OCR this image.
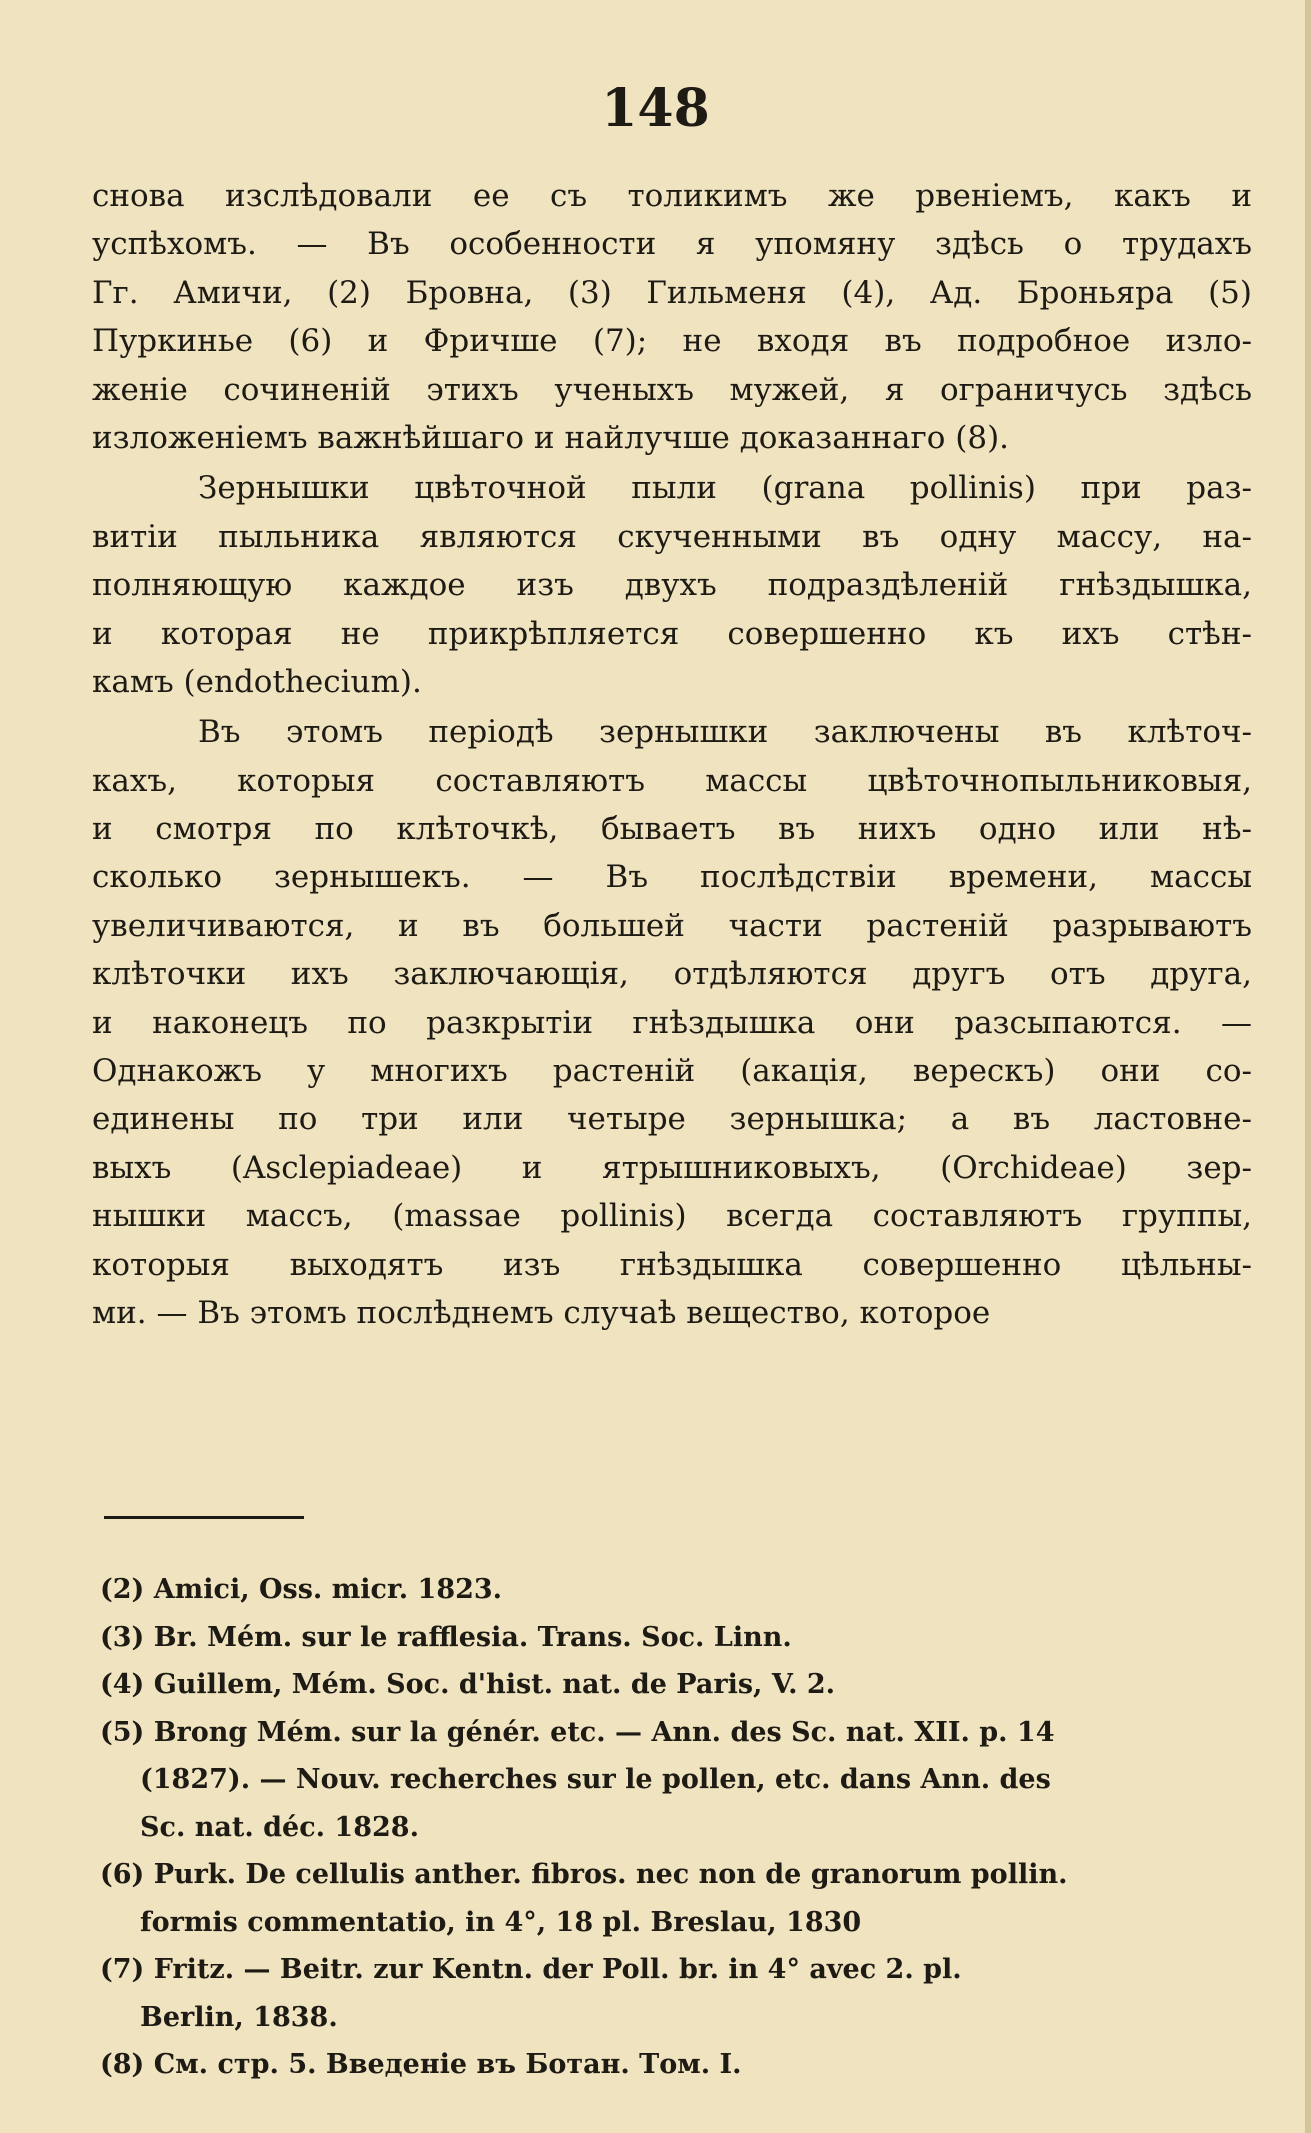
148
снова изслѣдовали ее съ толикимъ же рвеніемъ, какъ и
успѣхомъ. — Въ особенности я упомяну здѣсь о трудахъ
Гг. Амичи, (2) Бровна, (3) Гильменя (4), Ад. Броньяра (5)
Пуркинье (6) и Фричше (7); не входя въ подробное изло-
женіе сочиненій этихъ ученыхъ мужей, я ограничусь здѣсь
изложеніемъ важнѣйшаго и найлучше доказаннаго (8).
Зернышки цвѣточной пыли (grana pollinis) при раз-
витіи пыльника являются скученными въ одну массу, на-
полняющую каждое изъ двухъ подраздѣленій гнѣздышка,
и которая не прикрѣпляется совершенно къ ихъ стѣн-
камъ (endothecium).
Въ этомъ періодѣ зернышки заключены въ клѣточ-
кахъ, которыя составляютъ массы цвѣточнопыльниковыя,
и смотря по клѣточкѣ, бываетъ въ нихъ одно или нѣ-
сколько зернышекъ. — Въ послѣдствіи времени, массы
увеличиваются, и въ большей части растеній разрываютъ
клѣточки ихъ заключающія, отдѣляются другъ отъ друга,
и наконецъ по разкрытіи гнѣздышка они разсыпаются. —
Однакожъ у многихъ растеній (акація, верескъ) они со-
единены по три или четыре зернышка; а въ ластовне-
выхъ (Asclepiadeae) и ятрышниковыхъ, (Orchideae) зер-
нышки массъ, (massae pollinis) всегда составляютъ группы,
которыя выходятъ изъ гнѣздышка совершенно цѣльны-
ми. — Въ этомъ послѣднемъ случаѣ вещество, которое
(2) Amici, Oss. micr. 1823.
(3) Br. Mém. sur le rafflesia. Trans. Soc. Linn.
(4) Guillem, Mém. Soc. d'hist. nat. de Paris, V. 2.
(5) Brong Mém. sur la génér. etc. — Ann. des Sc. nat. XII. p. 14
(1827). — Nouv. recherches sur le pollen, etc. dans Ann. des
Sc. nat. déc. 1828.
(6) Purk. De cellulis anther. fibros. nec non de granorum pollin.
formis commentatio, in 4°, 18 pl. Breslau, 1830
(7) Fritz. — Beitr. zur Kentn. der Poll. br. in 4° avec 2. pl.
Berlin, 1838.
(8) См. стр. 5. Введеніе въ Ботан. Том. I.
